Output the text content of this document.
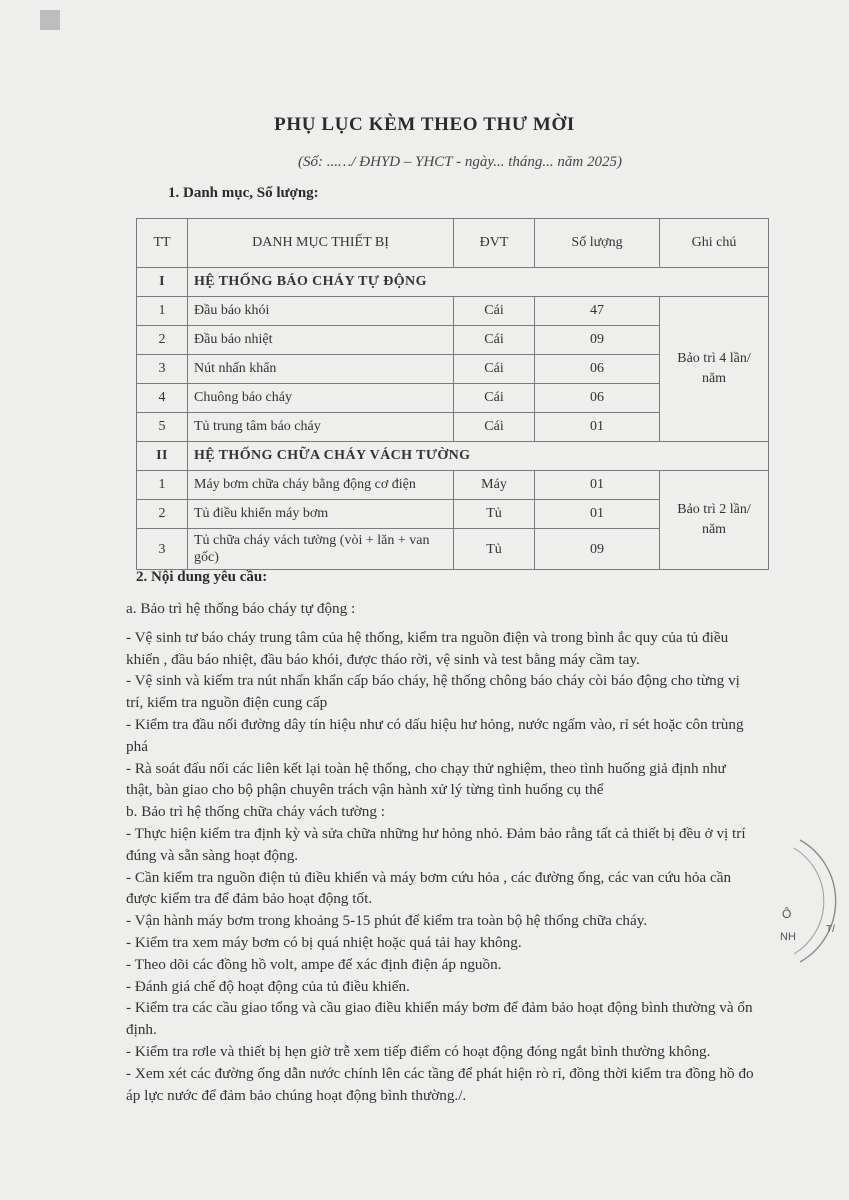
PHỤ LỤC KÈM THEO THƯ MỜI
(Số: ...…/ ĐHYD – YHCT - ngày... tháng... năm 2025)
1. Danh mục, Số lượng:
TT	DANH MỤC THIẾT BỊ	ĐVT	Số lượng	Ghi chú
I	HỆ THỐNG BÁO CHÁY TỰ ĐỘNG			
1	Đầu báo khói	Cái	47	Bảo trì 4 lần/ năm
2	Đầu báo nhiệt	Cái	09	
3	Nút nhấn khẩn	Cái	06	
4	Chuông báo cháy	Cái	06	
5	Tủ trung tâm báo cháy	Cái	01	
II	HỆ THỐNG CHỮA CHÁY VÁCH TƯỜNG			
1	Máy bơm chữa cháy bằng động cơ điện	Máy	01	Bảo trì 2 lần/ năm
2	Tủ điều khiển máy bơm	Tủ	01	
3	Tủ chữa cháy vách tường (vòi + lăn + van gốc)	Tủ	09	
2. Nội dung yêu cầu:

a. Bảo trì hệ thống báo cháy tự động :

- Vệ sinh tư báo cháy trung tâm của hệ thống, kiểm tra nguồn điện và trong bình ắc quy của tủ điều khiển , đầu báo nhiệt, đầu báo khói, được tháo rời, vệ sinh và test bằng máy cầm tay.

- Vệ sinh và kiểm tra nút nhấn khẩn cấp báo cháy, hệ thống chông báo cháy còi báo động cho từng vị trí, kiểm tra nguồn điện cung cấp

- Kiểm tra đầu nối đường dây tín hiệu như có dấu hiệu hư hỏng, nước ngấm vào, rỉ sét hoặc côn trùng phá

- Rà soát đấu nối các liên kết lại toàn hệ thống, cho chạy thử nghiệm, theo tình huống giả định như thật, bàn giao cho bộ phận chuyên trách vận hành xử lý từng tình huống cụ thể

b. Bảo trì hệ thống chữa cháy vách tường :

- Thực hiện kiểm tra định kỳ và sửa chữa những hư hỏng nhỏ. Đảm bảo rằng tất cả thiết bị đều ở vị trí đúng và sẵn sàng hoạt động.

- Cần kiểm tra nguồn điện tủ điều khiển và máy bơm cứu hỏa , các đường ống, các van cứu hỏa cần được kiểm tra để đảm bảo hoạt động tốt.

- Vận hành máy bơm trong khoảng 5-15 phút để kiểm tra toàn bộ hệ thống chữa cháy.

- Kiểm tra xem máy bơm có bị quá nhiệt hoặc quá tải hay không.

- Theo dõi các đồng hồ volt, ampe để xác định điện áp nguồn.

- Đánh giá chế độ hoạt động của tủ điều khiển.

- Kiểm tra các cầu giao tổng và cầu giao điều khiển máy bơm để đảm bảo hoạt động bình thường và ổn định.

- Kiểm tra rơle và thiết bị hẹn giờ trễ xem tiếp điểm có hoạt động đóng ngắt bình thường không.

- Xem xét các đường ống dẫn nước chính lên các tầng để phát hiện rò rỉ, đồng thời kiểm tra đồng hồ đo áp lực nước để đảm bảo chúng hoạt động bình thường./.

Ô
NH
T/
